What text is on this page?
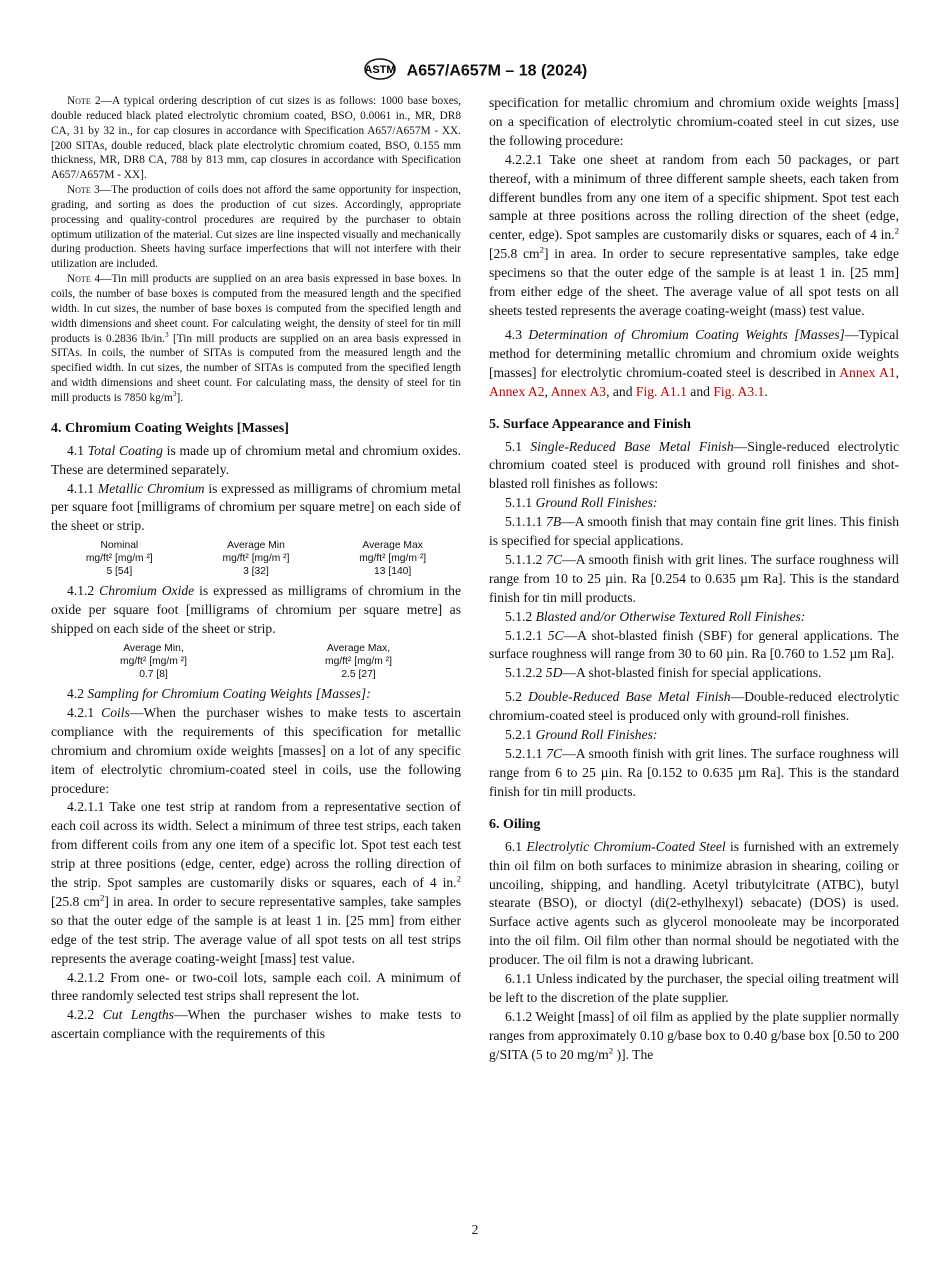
ASTM A657/A657M – 18 (2024)

Note 2—A typical ordering description of cut sizes is as follows: 1000 base boxes, double reduced black plated electrolytic chromium coated, BSO, 0.0061 in., MR, DR8 CA, 31 by 32 in., for cap closures in accordance with Specification A657/A657M - XX. [200 SITAs, double reduced, black plate electrolytic chromium coated, BSO, 0.155 mm thickness, MR, DR8 CA, 788 by 813 mm, cap closures in accordance with Specification A657/A657M - XX].

Note 3—The production of coils does not afford the same opportunity for inspection, grading, and sorting as does the production of cut sizes. Accordingly, appropriate processing and quality-control procedures are required by the purchaser to obtain optimum utilization of the material. Cut sizes are line inspected visually and mechanically during production. Sheets having surface imperfections that will not interfere with their utilization are included.

Note 4—Tin mill products are supplied on an area basis expressed in base boxes. In coils, the number of base boxes is computed from the measured length and the specified width. In cut sizes, the number of base boxes is computed from the specified length and width dimensions and sheet count. For calculating weight, the density of steel for tin mill products is 0.2836 lb/in.$^3$ [Tin mill products are supplied on an area basis expressed in SITAs. In coils, the number of SITAs is computed from the measured length and the specified width. In cut sizes, the number of SITAs is computed from the specified length and width dimensions and sheet count. For calculating mass, the density of steel for tin mill products is 7850 $kg/m^3$].

4. Chromium Coating Weights [Masses]

4.1 Total Coating is made up of chromium metal and chromium oxides. These are determined separately.

4.1.1 Metallic Chromium is expressed as milligrams of chromium metal per square foot [milligrams of chromium per square metre] on each side of the sheet or strip.

Nominal	Average Min	Average Max
mg/ft² [mg/m ²]	mg/ft² [mg/m ²]	mg/ft² [mg/m ²]
5 [54]	3 [32]	13 [140]

4.1.2 Chromium Oxide is expressed as milligrams of chromium in the oxide per square foot [milligrams of chromium per square metre] as shipped on each side of the sheet or strip.

Average Min,	Average Max,
mg/ft² [mg/m ²]	mg/ft² [mg/m ²]
0.7 [8]	2.5 [27]

4.2 Sampling for Chromium Coating Weights [Masses]:

4.2.1 Coils—When the purchaser wishes to make tests to ascertain compliance with the requirements of this specification for metallic chromium and chromium oxide weights [masses] on a lot of any specific item of electrolytic chromium-coated steel in coils, use the following procedure:

4.2.1.1 Take one test strip at random from a representative section of each coil across its width. Select a minimum of three test strips, each taken from different coils from any one item of a specific lot. Spot test each test strip at three positions (edge, center, edge) across the rolling direction of the strip. Spot samples are customarily disks or squares, each of 4 in.$^2$ [25.8 $cm^2$] in area. In order to secure representative samples, take samples so that the outer edge of the sample is at least 1 in. [25 mm] from either edge of the test strip. The average value of all spot tests on all test strips represents the average coating-weight [mass] test value.

4.2.1.2 From one- or two-coil lots, sample each coil. A minimum of three randomly selected test strips shall represent the lot.

4.2.2 Cut Lengths—When the purchaser wishes to make tests to ascertain compliance with the requirements of this

specification for metallic chromium and chromium oxide weights [mass] on a specification of electrolytic chromium-coated steel in cut sizes, use the following procedure:

4.2.2.1 Take one sheet at random from each 50 packages, or part thereof, with a minimum of three different sample sheets, each taken from different bundles from any one item of a specific shipment. Spot test each sample at three positions across the rolling direction of the sheet (edge, center, edge). Spot samples are customarily disks or squares, each of 4 in.$^2$ [25.8 $cm^2$] in area. In order to secure representative samples, take edge specimens so that the outer edge of the sample is at least 1 in. [25 mm] from either edge of the sheet. The average value of all spot tests on all sheets tested represents the average coating-weight (mass) test value.

4.3 Determination of Chromium Coating Weights [Masses]—Typical method for determining metallic chromium and chromium oxide weights [masses] for electrolytic chromium-coated steel is described in Annex A1, Annex A2, Annex A3, and Fig. A1.1 and Fig. A3.1.

5. Surface Appearance and Finish

5.1 Single-Reduced Base Metal Finish—Single-reduced electrolytic chromium coated steel is produced with ground roll finishes and shot-blasted roll finishes as follows:

5.1.1 Ground Roll Finishes:

5.1.1.1 7B—A smooth finish that may contain fine grit lines. This finish is specified for special applications.

5.1.1.2 7C—A smooth finish with grit lines. The surface roughness will range from 10 to 25 µin. Ra [0.254 to 0.635 µm Ra]. This is the standard finish for tin mill products.

5.1.2 Blasted and/or Otherwise Textured Roll Finishes:

5.1.2.1 5C—A shot-blasted finish (SBF) for general applications. The surface roughness will range from 30 to 60 µin. Ra [0.760 to 1.52 µm Ra].

5.1.2.2 5D—A shot-blasted finish for special applications.

5.2 Double-Reduced Base Metal Finish—Double-reduced electrolytic chromium-coated steel is produced only with ground-roll finishes.

5.2.1 Ground Roll Finishes:

5.2.1.1 7C—A smooth finish with grit lines. The surface roughness will range from 6 to 25 µin. Ra [0.152 to 0.635 µm Ra]. This is the standard finish for tin mill products.

6. Oiling

6.1 Electrolytic Chromium-Coated Steel is furnished with an extremely thin oil film on both surfaces to minimize abrasion in shearing, coiling or uncoiling, shipping, and handling. Acetyl tributylcitrate (ATBC), butyl stearate (BSO), or dioctyl (di(2-ethylhexyl) sebacate) (DOS) is used. Surface active agents such as glycerol monooleate may be incorporated into the oil film. Oil film other than normal should be negotiated with the producer. The oil film is not a drawing lubricant.

6.1.1 Unless indicated by the purchaser, the special oiling treatment will be left to the discretion of the plate supplier.

6.1.2 Weight [mass] of oil film as applied by the plate supplier normally ranges from approximately 0.10 g/base box to 0.40 g/base box [0.50 to 200 g/SITA (5 to 20 $mg/m^2$ )]. The

2
